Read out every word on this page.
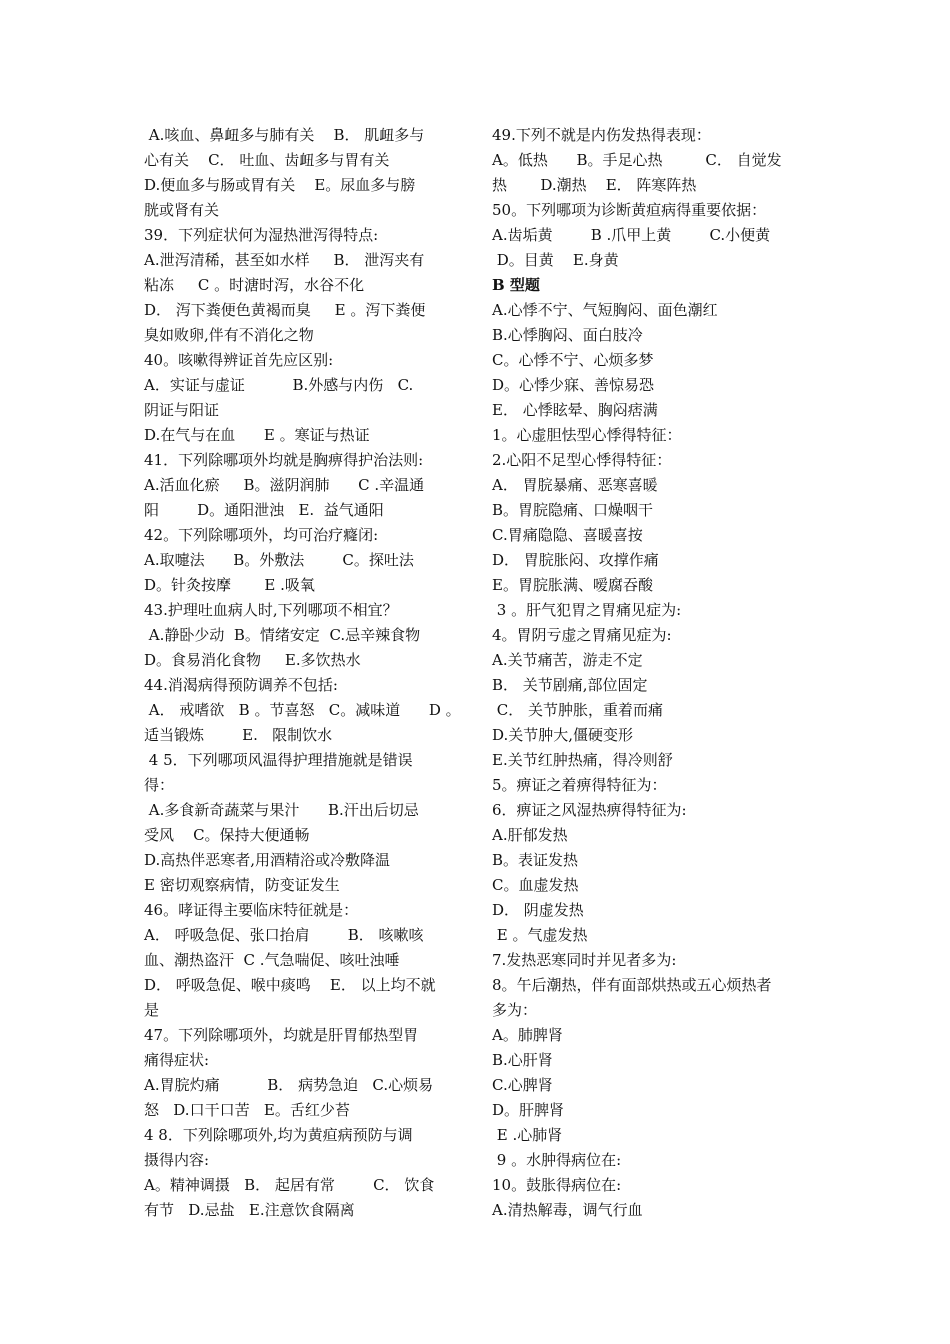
A.咳血、鼻衄多与肺有关    B． 肌衄多与
心有关    C． 吐血、齿衄多与胃有关
D.便血多与肠或胃有关    E。尿血多与膀
胱或肾有关
39．下列症状何为湿热泄泻得特点:
A.泄泻清稀，甚至如水样     B． 泄泻夹有
粘冻     C 。时溏时泻，水谷不化
D． 泻下粪便色黄褐而臭     E 。泻下粪便
臭如败卵,伴有不消化之物
40。咳嗽得辨证首先应区别:
A．实证与虚证          B.外感与内伤   C.
阴证与阳证
D.在气与在血      E 。寒证与热证
41．下列除哪项外均就是胸痹得护治法则:
A.活血化瘀     B。滋阴润肺      C .辛温通
阳        D。通阳泄浊   E.  益气通阳
42。下列除哪项外，均可治疗癃闭:
A.取嚏法      B。外敷法        C。探吐法
D。针灸按摩       E .吸氧
43.护理吐血病人时,下列哪项不相宜？
A.静卧少动  B。情绪安定  C.忌辛辣食物
D。食易消化食物     E.多饮热水
44.消渴病得预防调养不包括:
A． 戒嗜欲   B 。节喜怒   C。减味道      D 。
适当锻炼        E.   限制饮水
4 5．下列哪项风温得护理措施就是错误
得：
A.多食新奇蔬菜与果汁      B.汗出后切忌
受风    C。保持大便通畅
D.高热伴恶寒者,用酒精浴或冷敷降温
E 密切观察病情，防变证发生
46。哮证得主要临床特征就是：
A． 呼吸急促、张口抬肩        B． 咳嗽咳
血、潮热盗汗  C .气急喘促、咳吐浊唾
D． 呼吸急促、喉中痰鸣    E． 以上均不就
是
47。下列除哪项外，均就是肝胃郁热型胃
痛得症状:
A.胃脘灼痛          B． 病势急迫   C.心烦易
怒   D.口干口苦   E。舌红少苔
4 8．下列除哪项外,均为黄疸病预防与调
摄得内容:
A。精神调摄   B． 起居有常        C． 饮食
有节   D.忌盐   E.注意饮食隔离
49.下列不就是内伤发热得表现：
A。低热      B。手足心热         C． 自觉发
热       D.潮热    E． 阵寒阵热
50。下列哪项为诊断黄疸病得重要依据：
A.齿垢黄        B .爪甲上黄        C.小便黄
D。目黄    E.身黄
B 型题
A.心悸不宁、气短胸闷、面色潮红
B.心悸胸闷、面白肢冷
C。心悸不宁、心烦多梦
D。心悸少寐、善惊易恐
E． 心悸眩晕、胸闷痞满
1。心虚胆怯型心悸得特征：
2.心阳不足型心悸得特征：
A． 胃脘暴痛、恶寒喜暖
B。胃脘隐痛、口燥咽干
C.胃痛隐隐、喜暖喜按
D． 胃脘胀闷、攻撑作痛
E。胃脘胀满、嗳腐吞酸
3 。肝气犯胃之胃痛见症为:
4。胃阴亏虚之胃痛见症为:
A.关节痛苦，游走不定
B． 关节剧痛,部位固定
C． 关节肿胀，重着而痛
D.关节肿大,僵硬变形
E.关节红肿热痛，得冷则舒
5。痹证之着痹得特征为：
6．痹证之风湿热痹得特征为:
A.肝郁发热
B。表证发热
C。血虚发热
D． 阴虚发热
E 。气虚发热
7.发热恶寒同时并见者多为:
8。午后潮热，伴有面部烘热或五心烦热者
多为：
A。肺脾肾
B.心肝肾
C.心脾肾
D。肝脾肾
E .心肺肾
9 。水肿得病位在:
10。鼓胀得病位在:
A.清热解毒，调气行血
